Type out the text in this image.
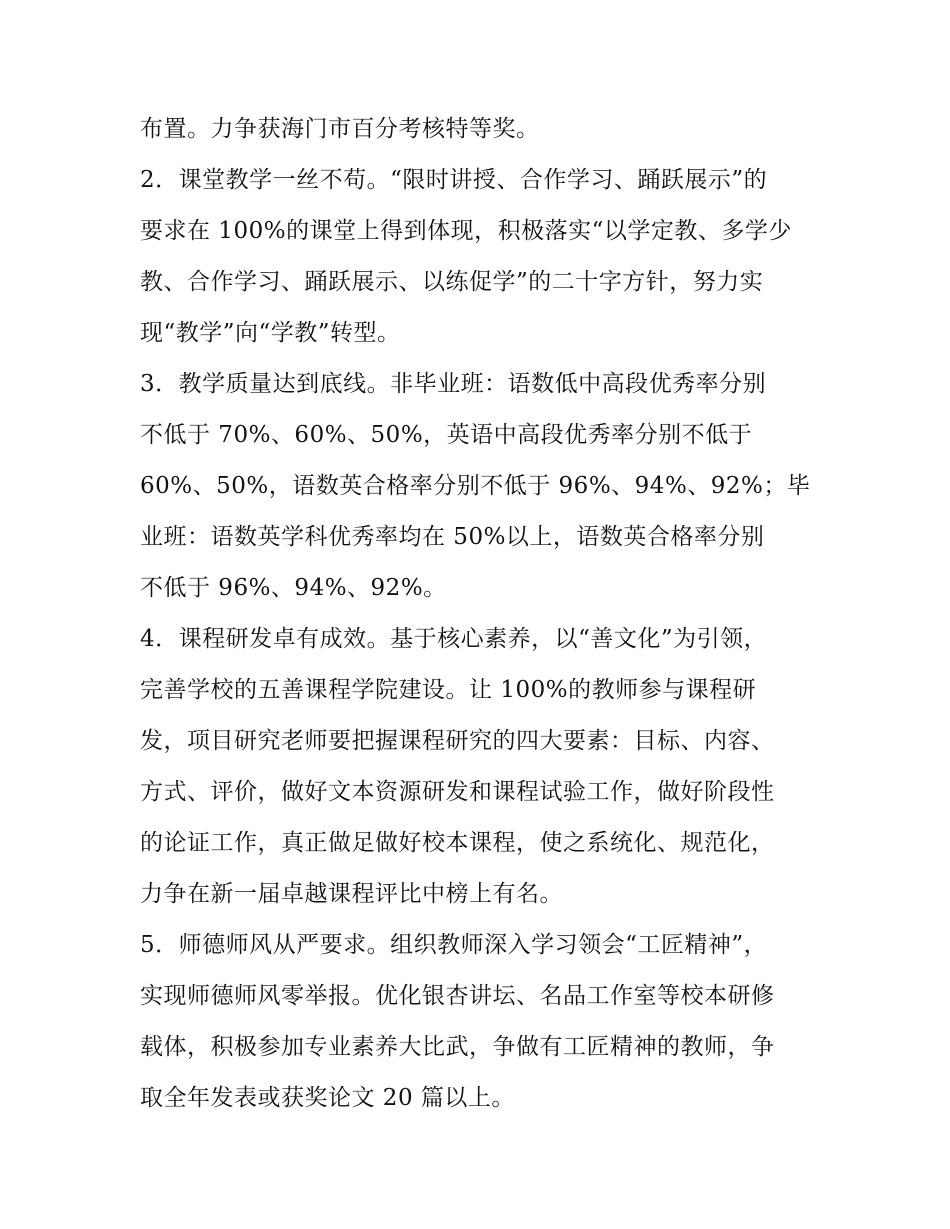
布置。力争获海门市百分考核特等奖。
2．课堂教学一丝不苟。“限时讲授、合作学习、踊跃展示”的
要求在 100%的课堂上得到体现，积极落实“以学定教、多学少
教、合作学习、踊跃展示、以练促学”的二十字方针，努力实
现“教学”向“学教”转型。
3．教学质量达到底线。非毕业班：语数低中高段优秀率分别
不低于 70%、60%、50%，英语中高段优秀率分别不低于
60%、50%，语数英合格率分别不低于 96%、94%、92%；毕
业班：语数英学科优秀率均在 50%以上，语数英合格率分别
不低于 96%、94%、92%。
4．课程研发卓有成效。基于核心素养，以“善文化”为引领，
完善学校的五善课程学院建设。让 100%的教师参与课程研
发，项目研究老师要把握课程研究的四大要素：目标、内容、
方式、评价，做好文本资源研发和课程试验工作，做好阶段性
的论证工作，真正做足做好校本课程，使之系统化、规范化，
力争在新一届卓越课程评比中榜上有名。
5．师德师风从严要求。组织教师深入学习领会“工匠精神”，
实现师德师风零举报。优化银杏讲坛、名品工作室等校本研修
载体，积极参加专业素养大比武，争做有工匠精神的教师，争
取全年发表或获奖论文 20 篇以上。
